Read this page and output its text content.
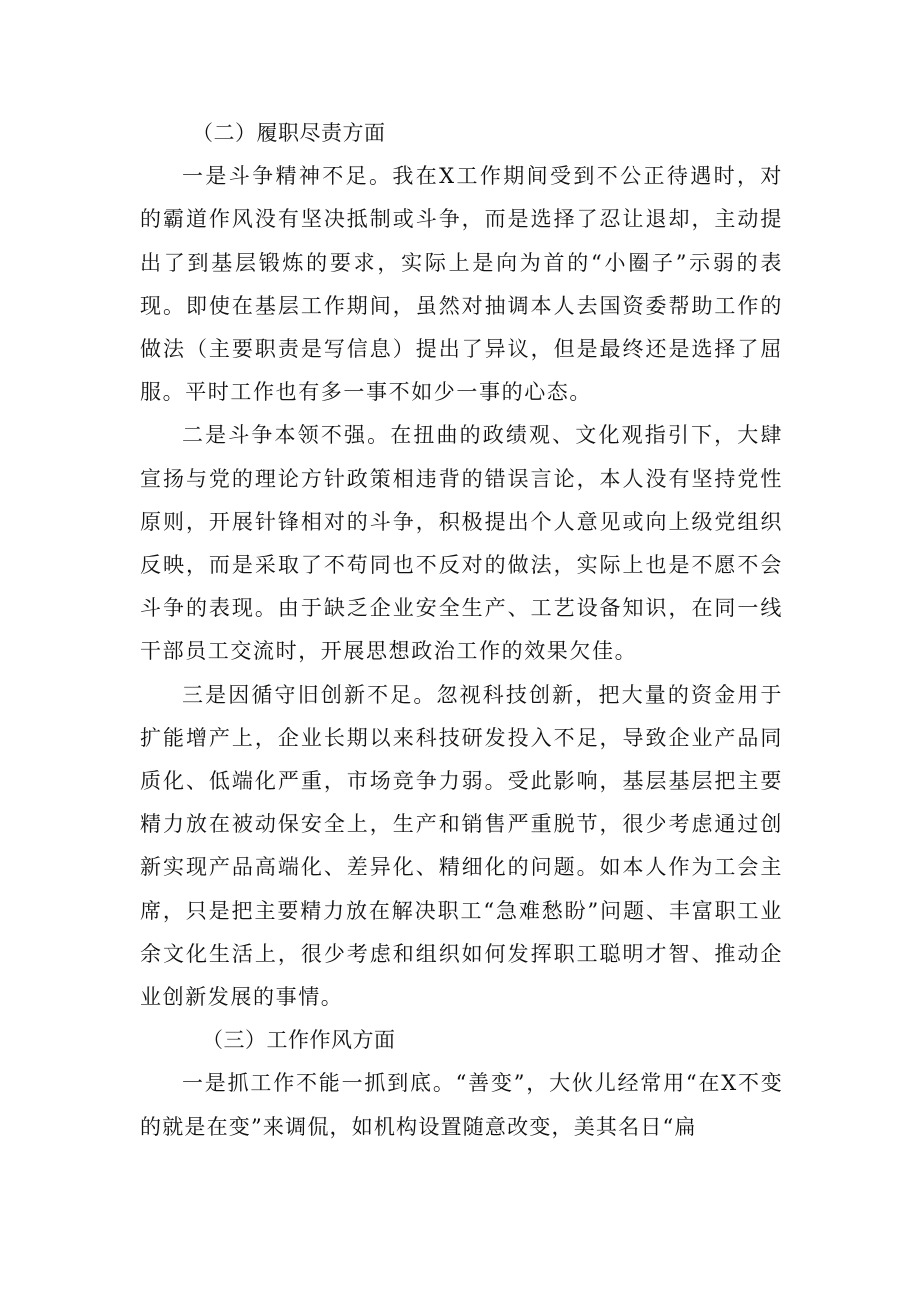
（二）履职尽责方面

一是斗争精神不足。我在X工作期间受到不公正待遇时，对的霸道作风没有坚决抵制或斗争，而是选择了忍让退却，主动提出了到基层锻炼的要求，实际上是向为首的“小圈子”示弱的表现。即使在基层工作期间，虽然对抽调本人去国资委帮助工作的做法（主要职责是写信息）提出了异议，但是最终还是选择了屈服。平时工作也有多一事不如少一事的心态。

二是斗争本领不强。在扭曲的政绩观、文化观指引下，大肆宣扬与党的理论方针政策相违背的错误言论，本人没有坚持党性原则，开展针锋相对的斗争，积极提出个人意见或向上级党组织反映，而是采取了不苟同也不反对的做法，实际上也是不愿不会斗争的表现。由于缺乏企业安全生产、工艺设备知识，在同一线干部员工交流时，开展思想政治工作的效果欠佳。

三是因循守旧创新不足。忽视科技创新，把大量的资金用于扩能增产上，企业长期以来科技研发投入不足，导致企业产品同质化、低端化严重，市场竞争力弱。受此影响，基层基层把主要精力放在被动保安全上，生产和销售严重脱节，很少考虑通过创新实现产品高端化、差异化、精细化的问题。如本人作为工会主席，只是把主要精力放在解决职工“急难愁盼”问题、丰富职工业余文化生活上，很少考虑和组织如何发挥职工聪明才智、推动企业创新发展的事情。

（三）工作作风方面

一是抓工作不能一抓到底。“善变”，大伙儿经常用“在X不变的就是在变”来调侃，如机构设置随意改变，美其名日“扁
